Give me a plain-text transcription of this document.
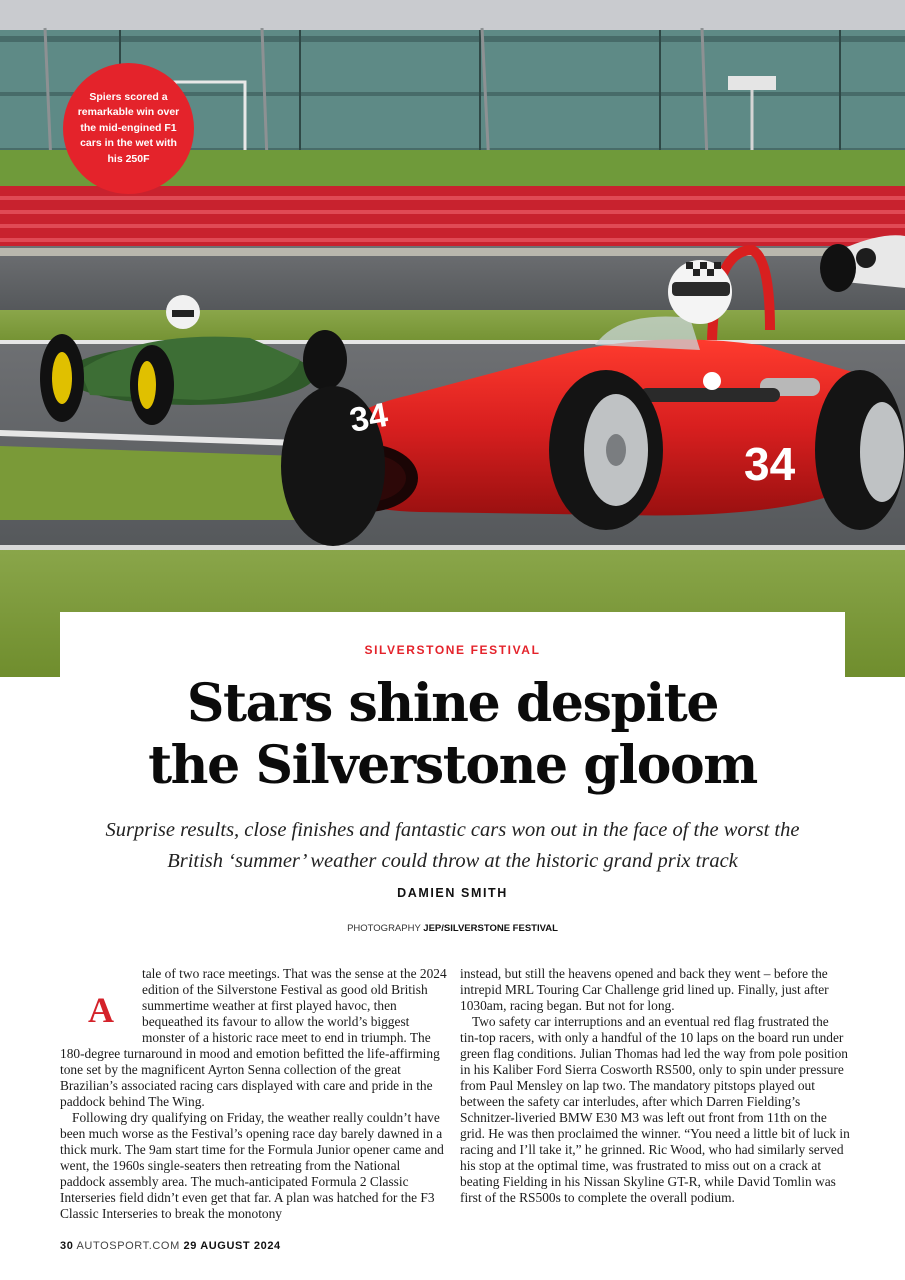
34
34
Spiers scored a remarkable win over the mid-engined F1 cars in the wet with his 250F
SILVERSTONE FESTIVAL
Stars shine despite
the Silverstone gloom
Surprise results, close finishes and fantastic cars won out in the face of the worst the British ‘summer’ weather could throw at the historic grand prix track
DAMIEN SMITH
PHOTOGRAPHY JEP/SILVERSTONE FESTIVAL

A
tale of two race meetings. That was the sense at the 2024 edition of the Silverstone Festival as good old British summertime weather at first played havoc, then bequeathed its favour to allow the world’s biggest monster of a historic race meet to end in triumph. The 180-degree turnaround in mood and emotion befitted the life-affirming tone set by the magnificent Ayrton Senna collection of the great Brazilian’s associated racing cars displayed with care and pride in the paddock behind The Wing.

Following dry qualifying on Friday, the weather really couldn’t have been much worse as the Festival’s opening race day barely dawned in a thick murk. The 9am start time for the Formula Junior opener came and went, the 1960s single-seaters then retreating from the National paddock assembly area. The much-anticipated Formula 2 Classic Interseries field didn’t even get that far. A plan was hatched for the F3 Classic Interseries to break the monotony

instead, but still the heavens opened and back they went – before the intrepid MRL Touring Car Challenge grid lined up. Finally, just after 1030am, racing began. But not for long.

Two safety car interruptions and an eventual red flag frustrated the tin-top racers, with only a handful of the 10 laps on the board run under green flag conditions. Julian Thomas had led the way from pole position in his Kaliber Ford Sierra Cosworth RS500, only to spin under pressure from Paul Mensley on lap two. The mandatory pitstops played out between the safety car interludes, after which Darren Fielding’s Schnitzer-liveried BMW E30 M3 was left out front from 11th on the grid. He was then proclaimed the winner. “You need a little bit of luck in racing and I’ll take it,” he grinned. Ric Wood, who had similarly served his stop at the optimal time, was frustrated to miss out on a crack at beating Fielding in his Nissan Skyline GT-R, while David Tomlin was first of the RS500s to complete the overall podium.

30 AUTOSPORT.COM 29 AUGUST 2024
